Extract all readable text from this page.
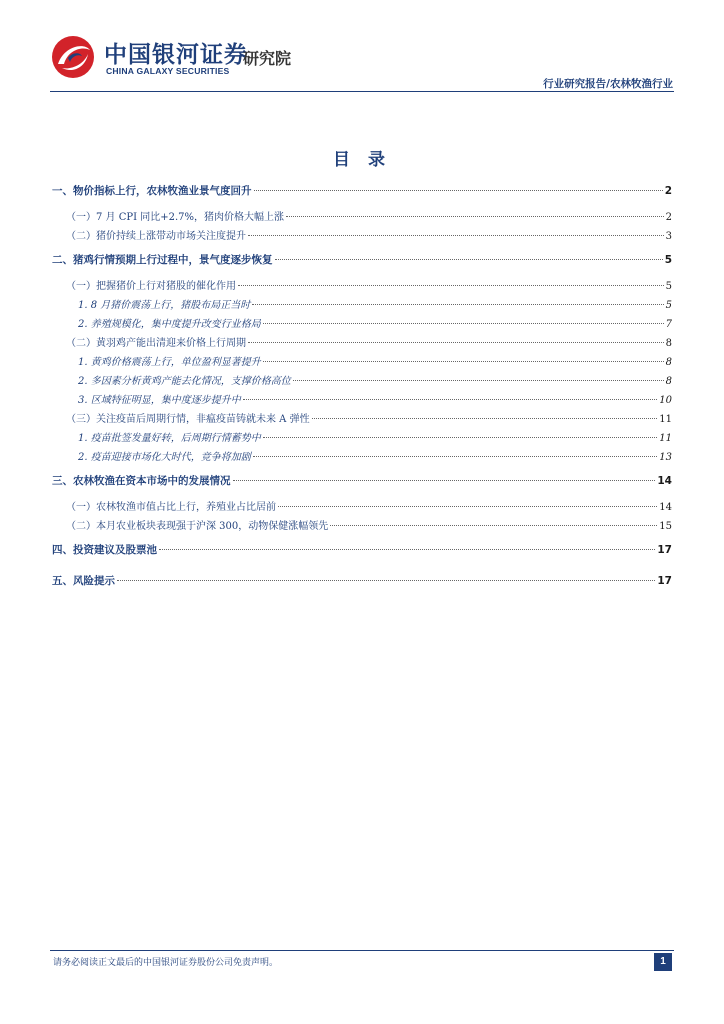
中国银河证券
CHINA GALAXY SECURITIES
研究院
行业研究报告/农林牧渔行业
目 录
一、物价指标上行，农林牧渔业景气度回升	2
（一）7 月 CPI 同比+2.7%，猪肉价格大幅上涨	2
（二）猪价持续上涨带动市场关注度提升	3
二、猪鸡行情预期上行过程中，景气度逐步恢复	5
（一）把握猪价上行对猪股的催化作用	5
1. 8 月猪价震荡上行，猪股布局正当时	5
2. 养殖规模化，集中度提升改变行业格局	7
（二）黄羽鸡产能出清迎来价格上行周期	8
1. 黄鸡价格震荡上行，单位盈利显著提升	8
2. 多因素分析黄鸡产能去化情况，支撑价格高位	8
3. 区域特征明显，集中度逐步提升中	10
（三）关注疫苗后周期行情，非瘟疫苗铸就未来 A 弹性	11
1. 疫苗批签发量好转，后周期行情蓄势中	11
2. 疫苗迎接市场化大时代，竞争将加剧	13
三、农林牧渔在资本市场中的发展情况	14
（一）农林牧渔市值占比上行，养殖业占比居前	14
（二）本月农业板块表现强于沪深 300，动物保健涨幅领先	15
四、投资建议及股票池	17
五、风险提示	17
请务必阅读正文最后的中国银河证券股份公司免责声明。	1
